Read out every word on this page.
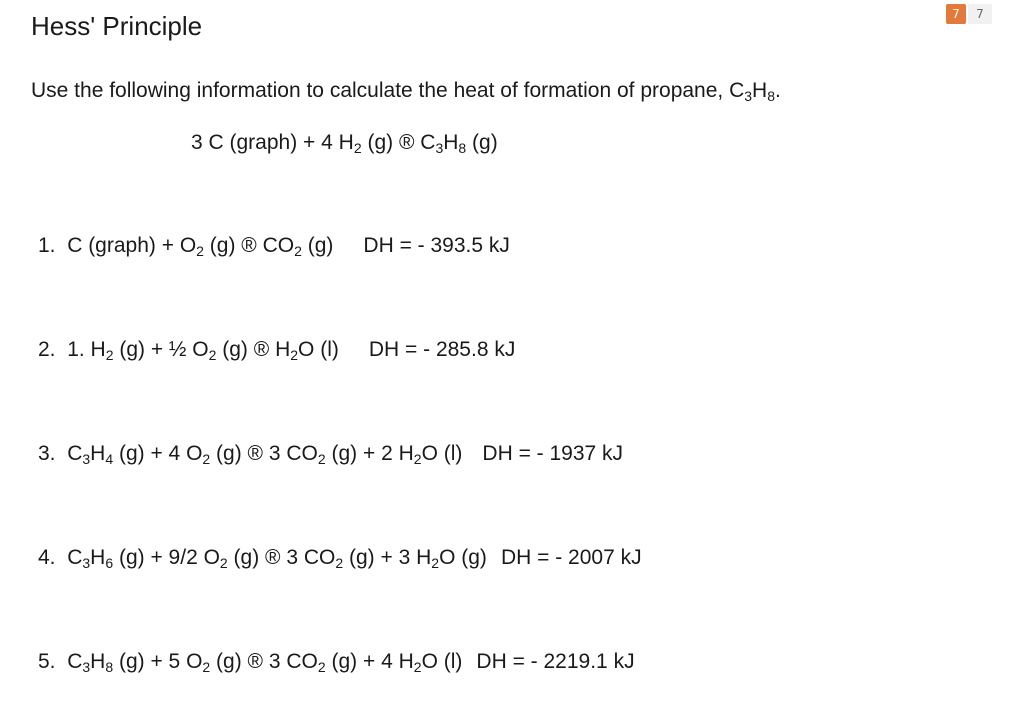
Hess' Principle	7	7
Use the following information to calculate the heat of formation of propane, $C_3H_8$.
3 C (graph) + 4 $H_2$ (g) ® $C_3H_8$ (g)
1. C (graph) + $O_2$ (g) ® $CO_2$ (g) DH = - 393.5 kJ
2. 1. $H_2$ (g) + ½ $O_2$ (g) ® $H_2O$ (l) DH = - 285.8 kJ
3. $C_3H_4$ (g) + 4 $O_2$ (g) ® 3 $CO_2$ (g) + 2 $H_2O$ (l) DH = - 1937 kJ
4. $C_3H_6$ (g) + 9/2 $O_2$ (g) ® 3 $CO_2$ (g) + 3 $H_2O$ (g) DH = - 2007 kJ
5. $C_3H_8$ (g) + 5 $O_2$ (g) ® 3 $CO_2$ (g) + 4 $H_2O$ (l) DH = - 2219.1 kJ
